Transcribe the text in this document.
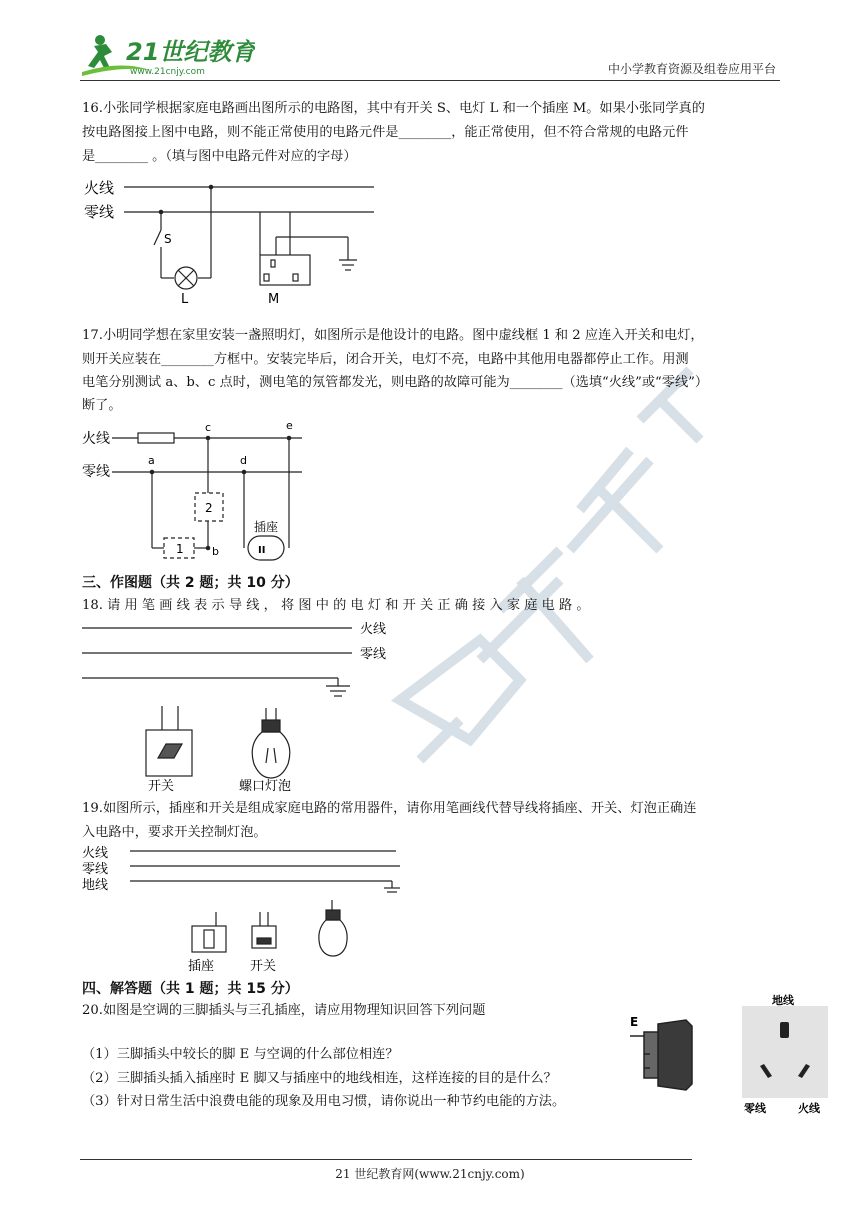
21世纪教育
www.21cnjy.com	中小学教育资源及组卷应用平台
16.小张同学根据家庭电路画出图所示的电路图，其中有开关 S、电灯 L 和一个插座 M。如果小张同学真的
按电路图接上图中电路，则不能正常使用的电路元件是________，能正常使用，但不符合常规的电路元件
是________ 。（填与图中电路元件对应的字母）
火线
零线
S
L	M
17.小明同学想在家里安装一盏照明灯，如图所示是他设计的电路。图中虚线框 1 和 2 应连入开关和电灯，
则开关应装在________方框中。安装完毕后，闭合开关，电灯不亮，电路中其他用电器都停止工作。用测
电笔分别测试 a、b、c 点时，测电笔的氖管都发光，则电路的故障可能为________（选填“火线”或“零线”）
断了。
火线
零线
a
b
c
d
e
1
2
插座
II
三、作图题（共 2 题；共 10 分）
18. 请 用 笔 画 线 表 示 导 线 ， 将 图 中 的 电 灯 和 开 关 正 确 接 入 家 庭 电 路 。
火线
零线
开关	螺口灯泡
19.如图所示，插座和开关是组成家庭电路的常用器件，请你用笔画线代替导线将插座、开关、灯泡正确连
入电路中，要求开关控制灯泡。
火线
零线
地线
插座	开关
四、解答题（共 1 题；共 15 分）
20.如图是空调的三脚插头与三孔插座，请应用物理知识回答下列问题
（1）三脚插头中较长的脚 E 与空调的什么部位相连？
（2）三脚插头插入插座时 E 脚又与插座中的地线相连，这样连接的目的是什么？
（3）针对日常生活中浪费电能的现象及用电习惯，请你说出一种节约电能的方法。
E
地线
零线	火线
21 世纪教育网(www.21cnjy.com)
